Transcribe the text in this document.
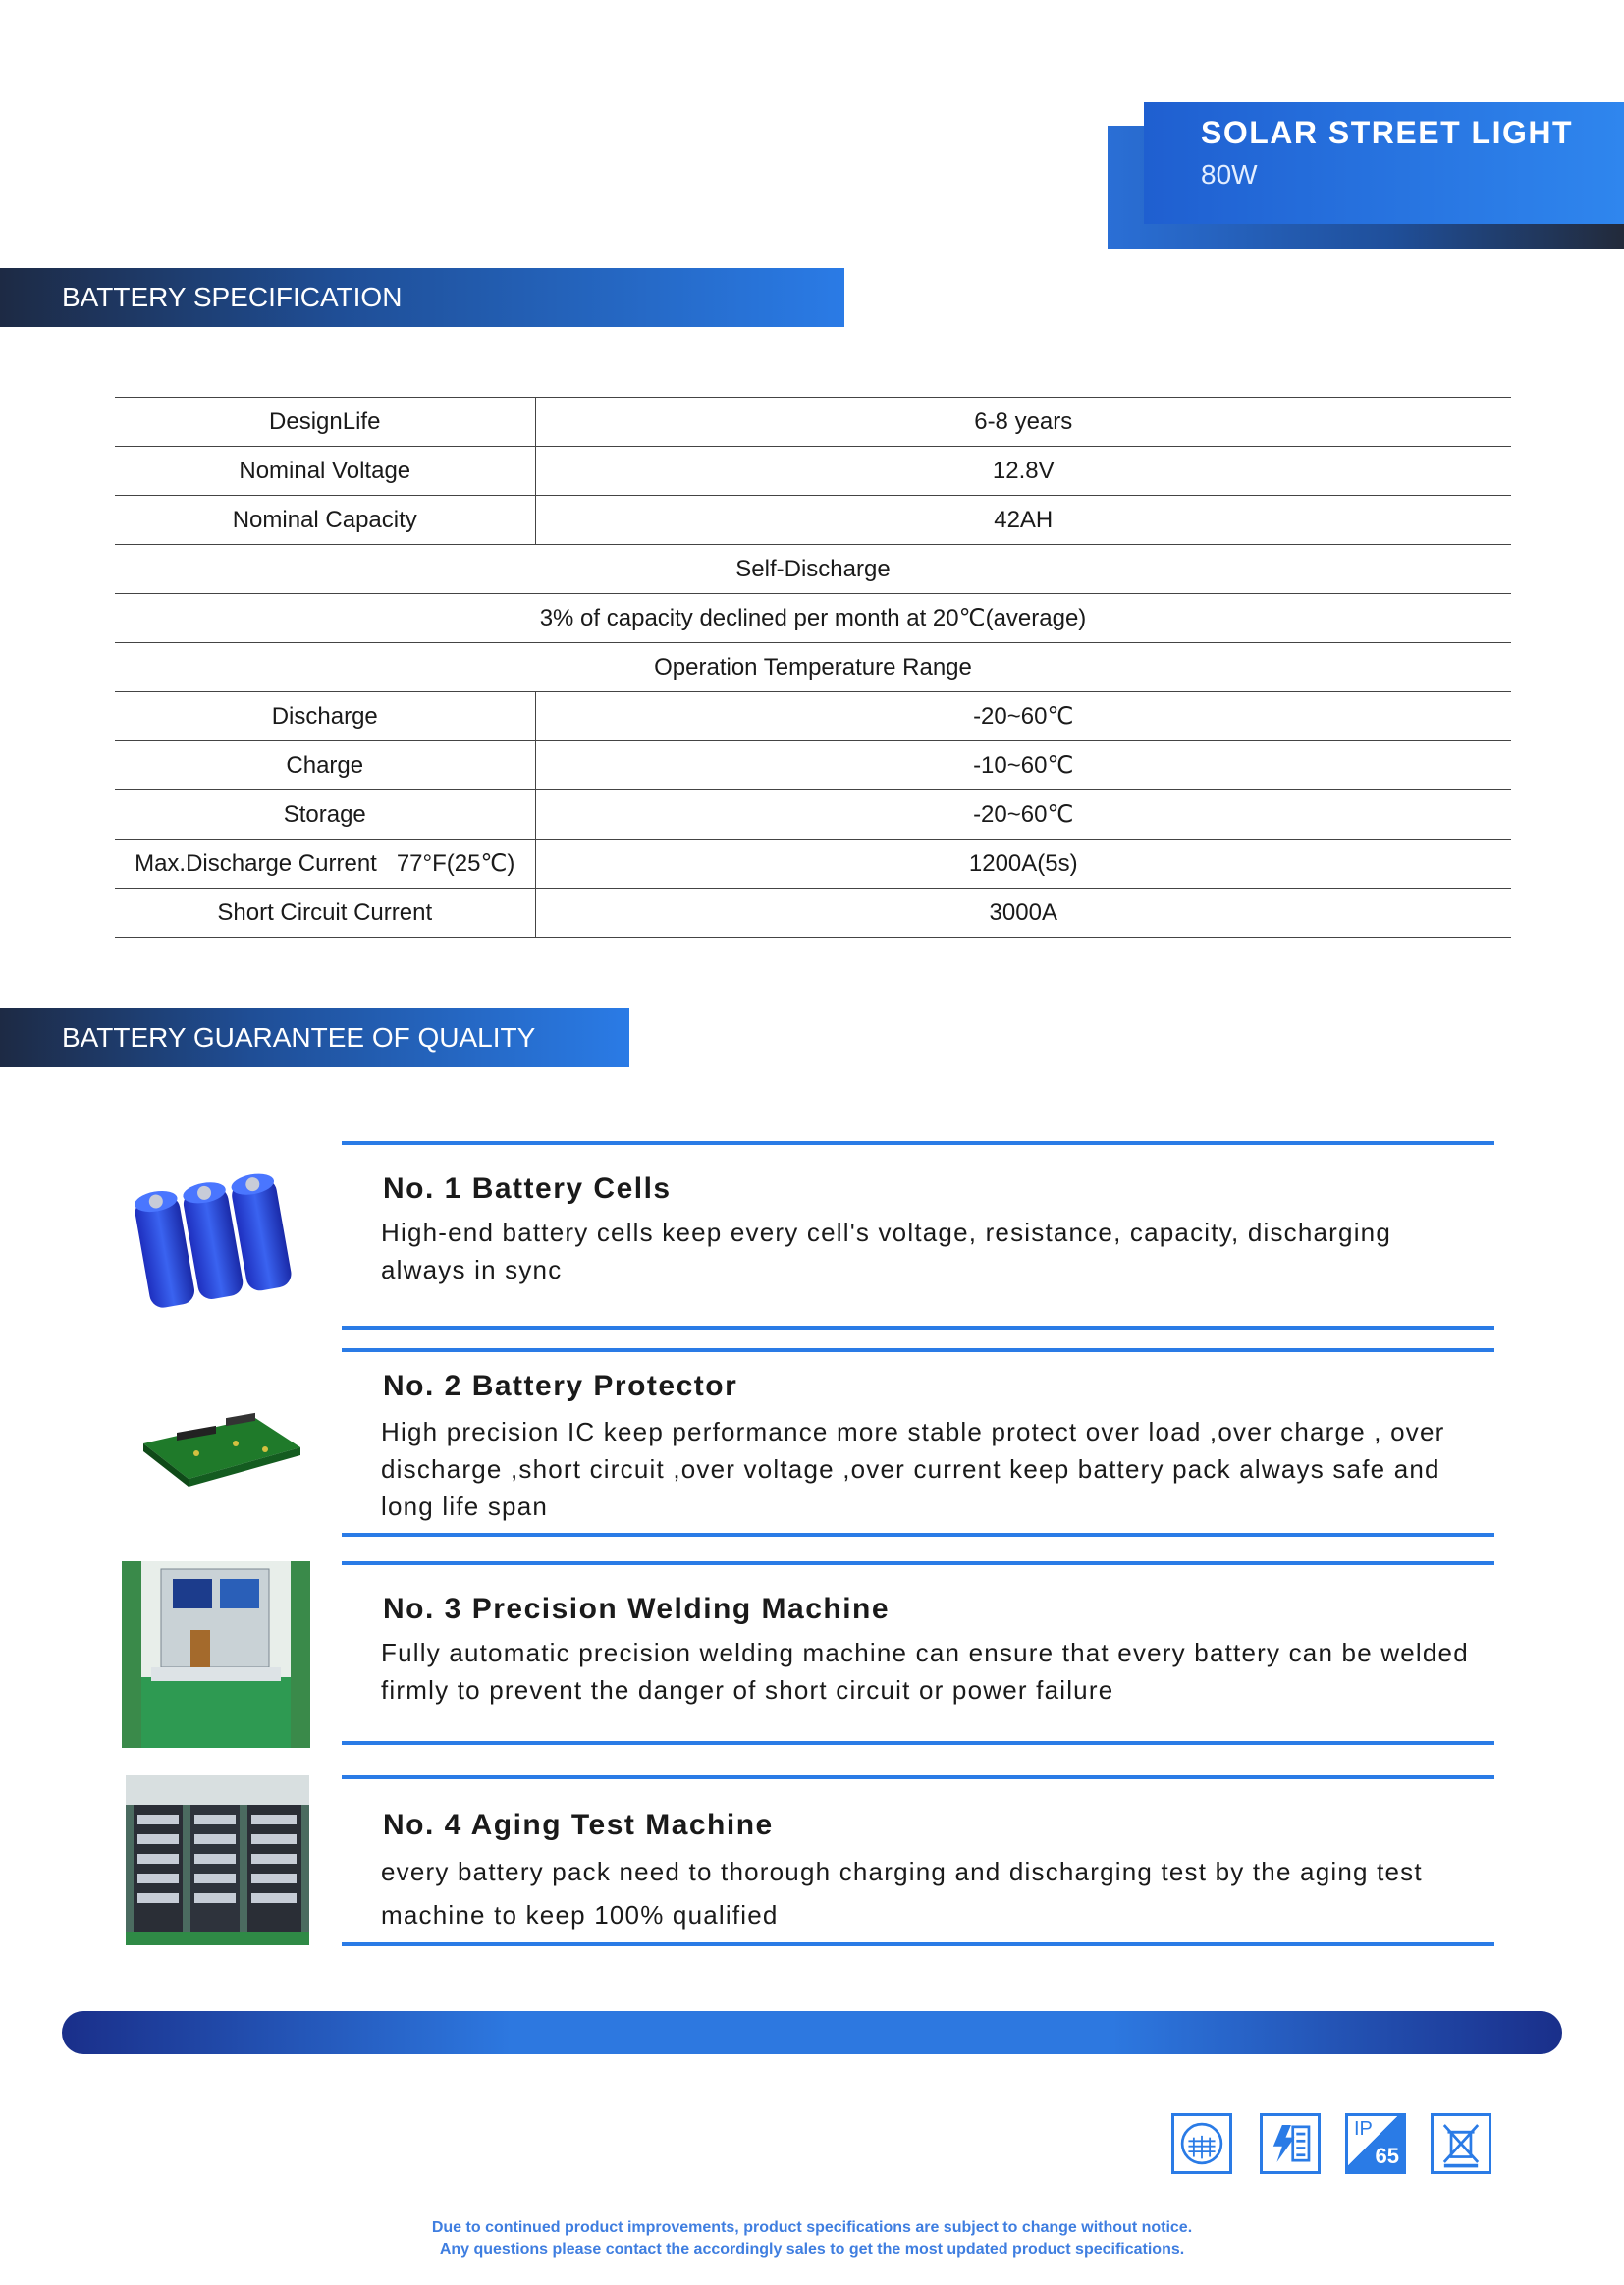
SOLAR STREET LIGHT
80W
BATTERY SPECIFICATION
DesignLife	6-8 years
Nominal Voltage	12.8V
Nominal Capacity	42AH
Self-Discharge	
3% of capacity declined per month at 20℃(average)	
Operation Temperature Range	
Discharge	-20~60℃
Charge	-10~60℃
Storage	-20~60℃
Max.Discharge Current   77°F(25℃)	1200A(5s)
Short Circuit Current	3000A
BATTERY GUARANTEE OF QUALITY
No. 1 Battery Cells
High-end battery cells keep every cell's voltage, resistance, capacity, discharging always in sync
No. 2 Battery Protector
High precision IC keep performance more stable protect over load ,over charge , over discharge ,short circuit ,over voltage ,over current keep battery pack always safe and long life span
No. 3 Precision Welding Machine
Fully automatic precision welding machine can ensure that every battery can be welded firmly to prevent the danger of short circuit or power failure
No. 4 Aging Test Machine
every battery pack need to thorough charging and discharging test by the aging test machine to keep 100% qualified
IP
65
Due to continued product improvements, product specifications are subject to change without notice.
Any questions please contact the accordingly sales to get the most updated product specifications.
